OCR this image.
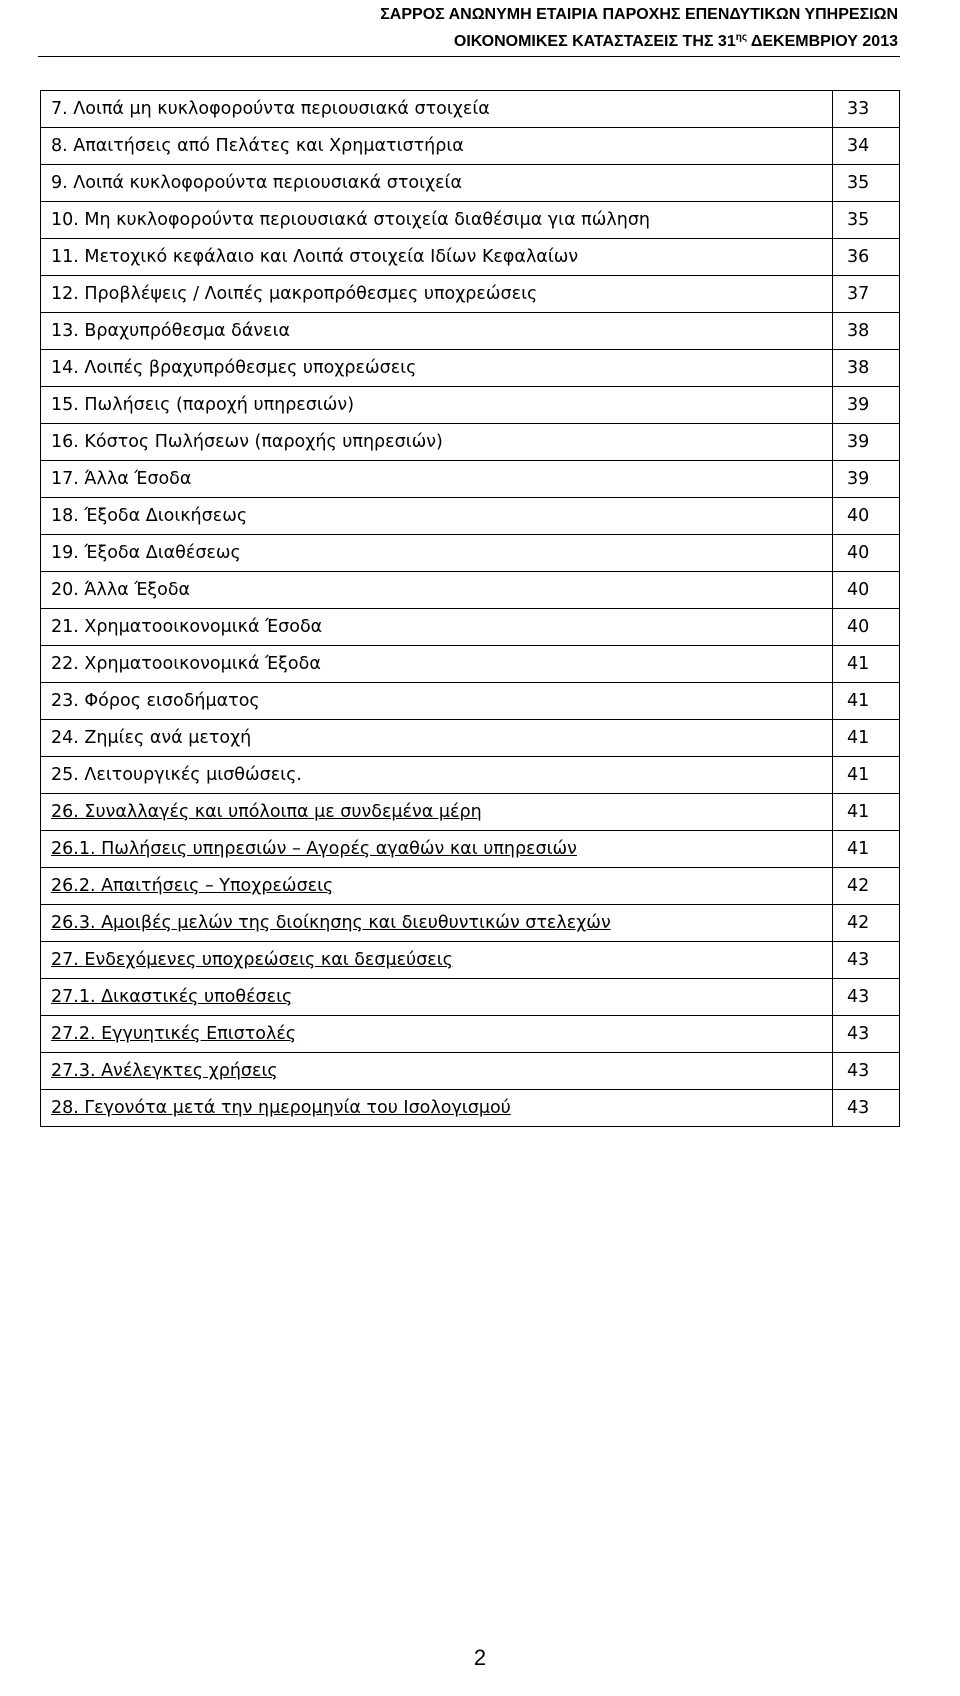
ΣΑΡΡΟΣ ΑΝΩΝΥΜΗ ΕΤΑΙΡΙΑ ΠΑΡΟΧΗΣ ΕΠΕΝΔΥΤΙΚΩΝ ΥΠΗΡΕΣΙΩΝ
ΟΙΚΟΝΟΜΙΚΕΣ ΚΑΤΑΣΤΑΣΕΙΣ ΤΗΣ $31^{\eta\varsigma}$ ΔΕΚΕΜΒΡΙΟΥ 2013
7. Λοιπά μη κυκλοφορούντα περιουσιακά στοιχεία	33
8. Απαιτήσεις από Πελάτες και Χρηματιστήρια	34
9. Λοιπά κυκλοφορούντα περιουσιακά στοιχεία	35
10. Μη κυκλοφορούντα περιουσιακά στοιχεία διαθέσιμα για πώληση	35
11. Μετοχικό κεφάλαιο και Λοιπά στοιχεία Ιδίων Κεφαλαίων	36
12. Προβλέψεις / Λοιπές μακροπρόθεσμες υποχρεώσεις	37
13. Βραχυπρόθεσμα δάνεια	38
14. Λοιπές βραχυπρόθεσμες υποχρεώσεις	38
15. Πωλήσεις (παροχή υπηρεσιών)	39
16. Κόστος Πωλήσεων (παροχής υπηρεσιών)	39
17. Άλλα Έσοδα	39
18. Έξοδα Διοικήσεως	40
19. Έξοδα Διαθέσεως	40
20. Άλλα Έξοδα	40
21. Χρηματοοικονομικά Έσοδα	40
22. Χρηματοοικονομικά Έξοδα	41
23. Φόρος εισοδήματος	41
24. Ζημίες ανά μετοχή	41
25. Λειτουργικές μισθώσεις.	41
26. Συναλλαγές και υπόλοιπα με συνδεμένα μέρη	41
26.1. Πωλήσεις υπηρεσιών – Αγορές αγαθών και υπηρεσιών	41
26.2. Απαιτήσεις – Υποχρεώσεις	42
26.3. Αμοιβές μελών της διοίκησης και διευθυντικών στελεχών	42
27. Ενδεχόμενες υποχρεώσεις και δεσμεύσεις	43
27.1. Δικαστικές υποθέσεις	43
27.2. Εγγυητικές Επιστολές	43
27.3. Ανέλεγκτες χρήσεις	43
28. Γεγονότα μετά την ημερομηνία του Ισολογισμού	43
2
